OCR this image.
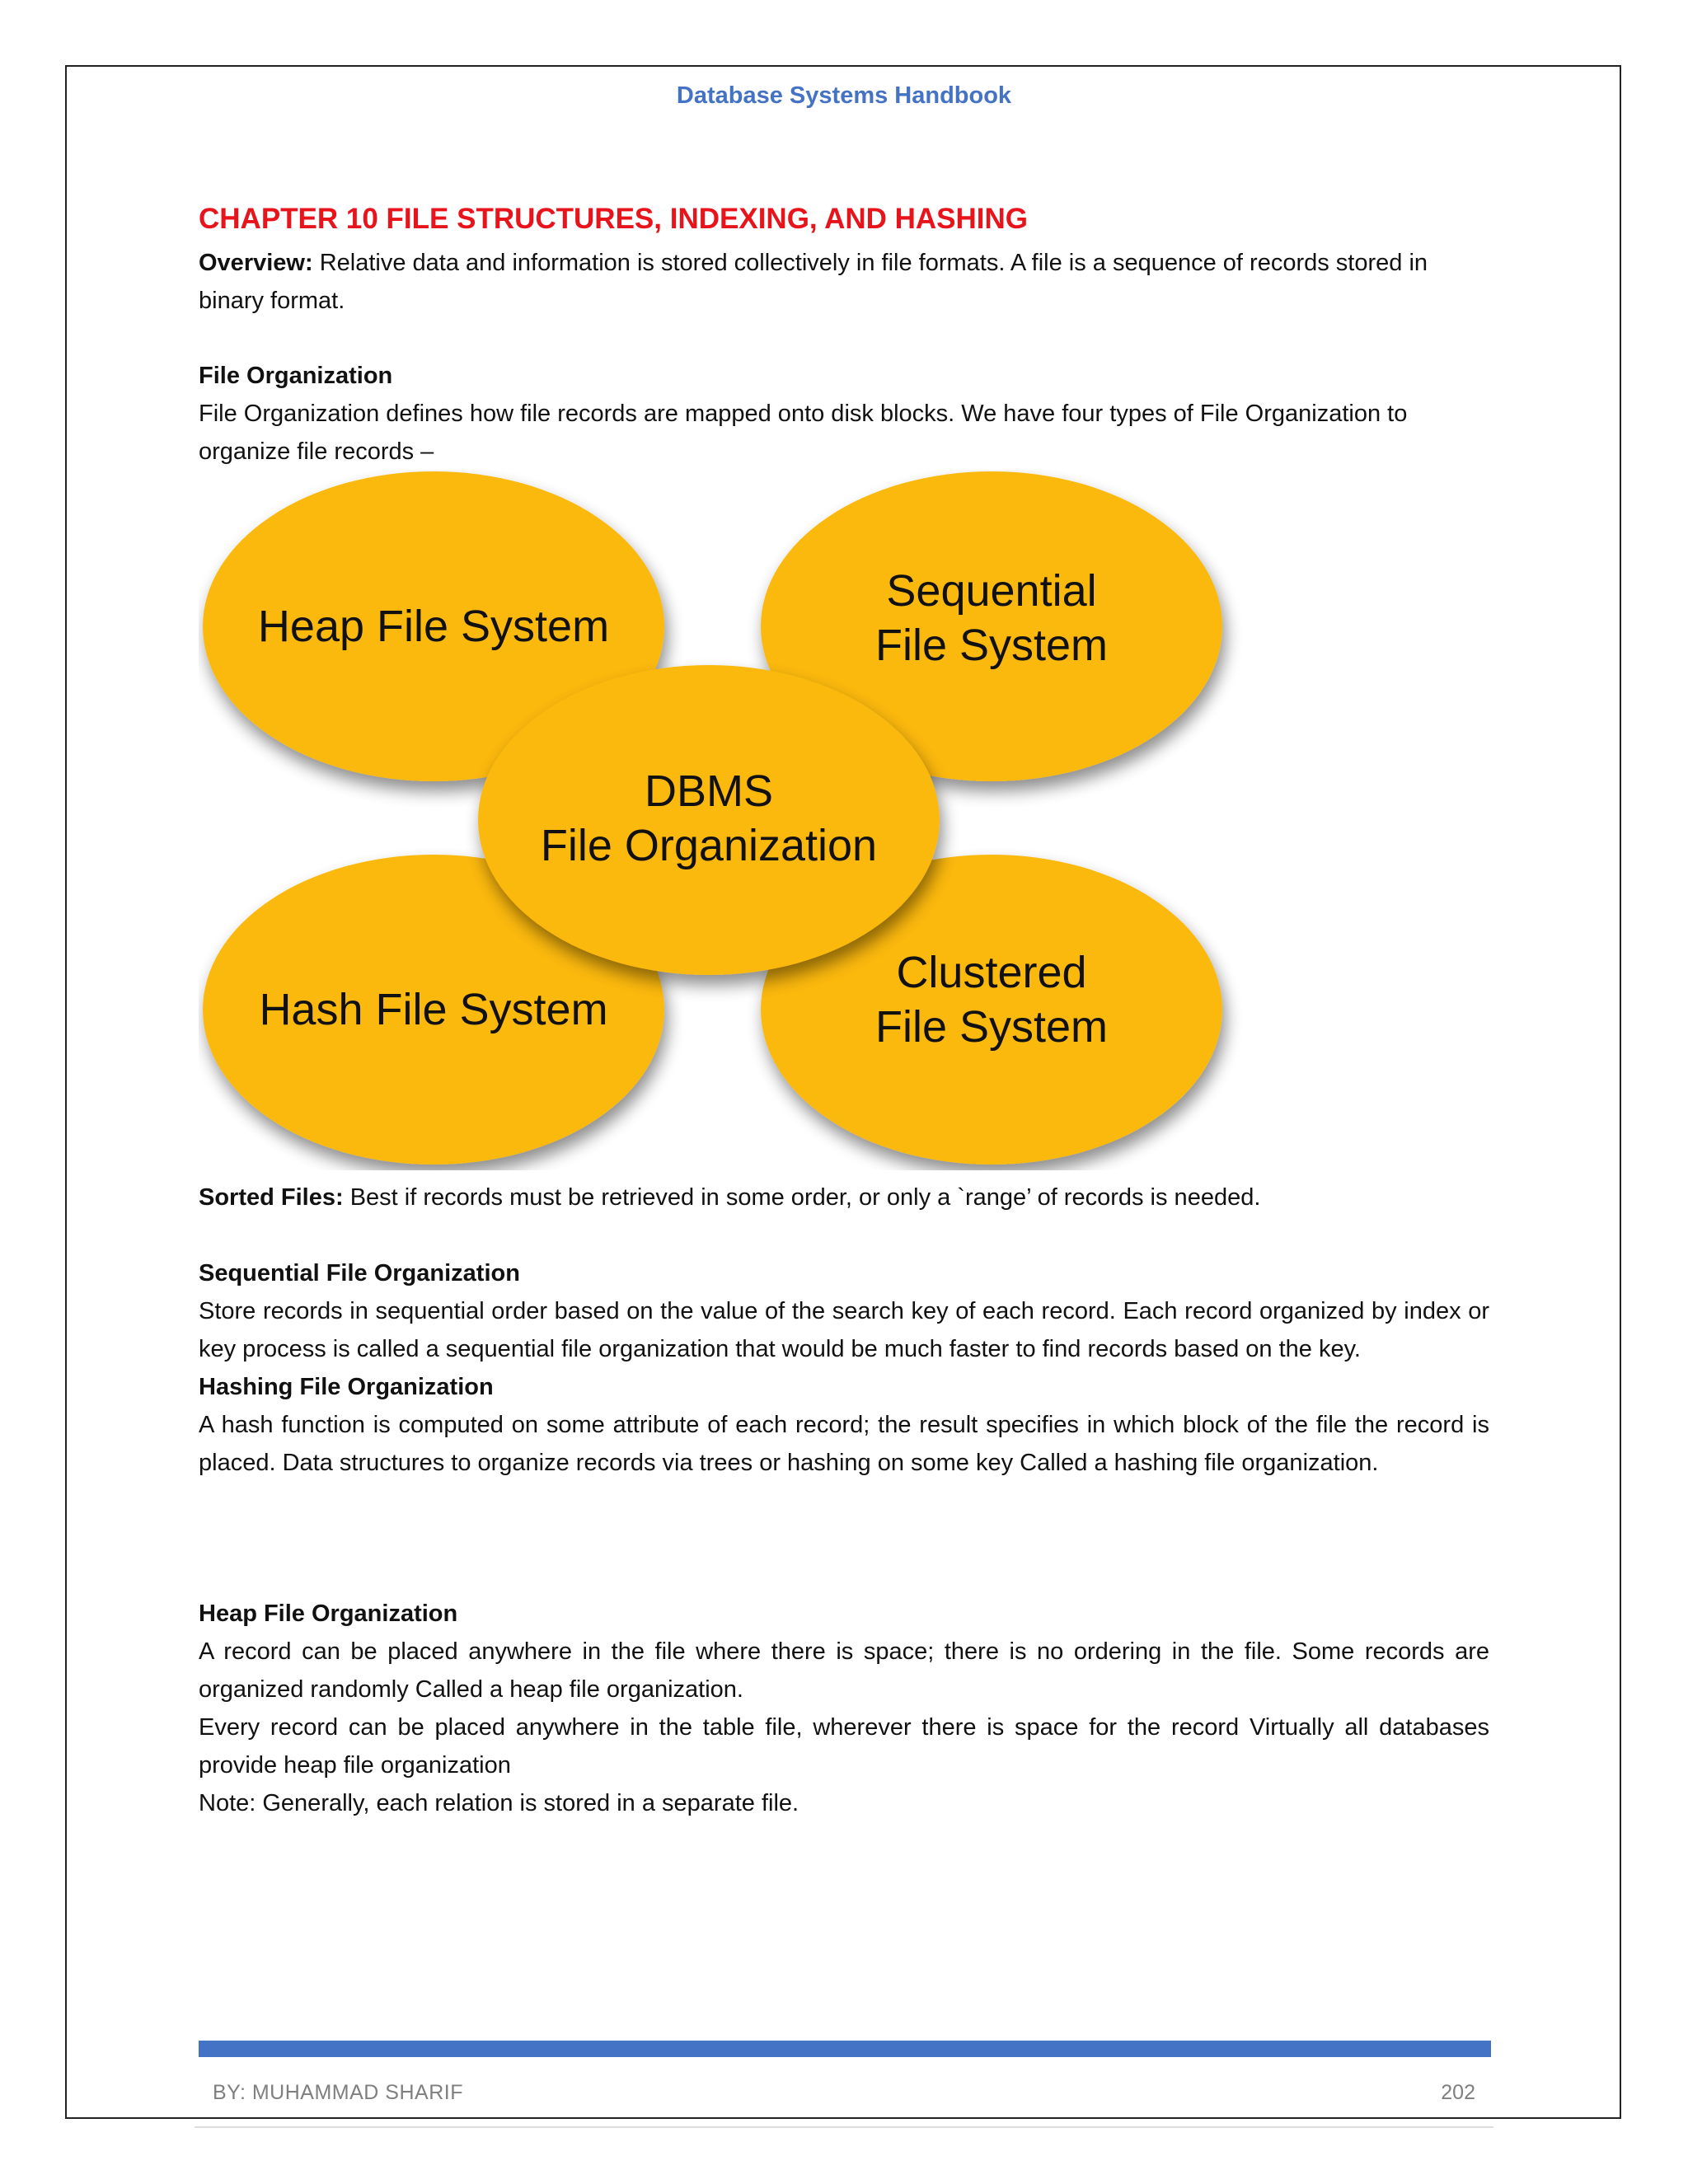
Database Systems Handbook
CHAPTER 10 FILE STRUCTURES, INDEXING, AND HASHING
Overview: Relative data and information is stored collectively in file formats. A file is a sequence of records stored in binary format.
File Organization
File Organization defines how file records are mapped onto disk blocks. We have four types of File Organization to organize file records –
Heap File System
Sequential
File System
Hash File System
Clustered
File System
DBMS
File Organization
Sorted Files: Best if records must be retrieved in some order, or only a `range’ of records is needed.
Sequential File Organization
Store records in sequential order based on the value of the search key of each record. Each record organized by index or key process is called a sequential file organization that would be much faster to find records based on the key.
Hashing File Organization
A hash function is computed on some attribute of each record; the result specifies in which block of the file the record is placed. Data structures to organize records via trees or hashing on some key Called a hashing file organization.
Heap File Organization
A record can be placed anywhere in the file where there is space; there is no ordering in the file. Some records are organized randomly Called a heap file organization.
Every record can be placed anywhere in the table file, wherever there is space for the record Virtually all databases provide heap file organization
Note: Generally, each relation is stored in a separate file.
BY: MUHAMMAD SHARIF	202
